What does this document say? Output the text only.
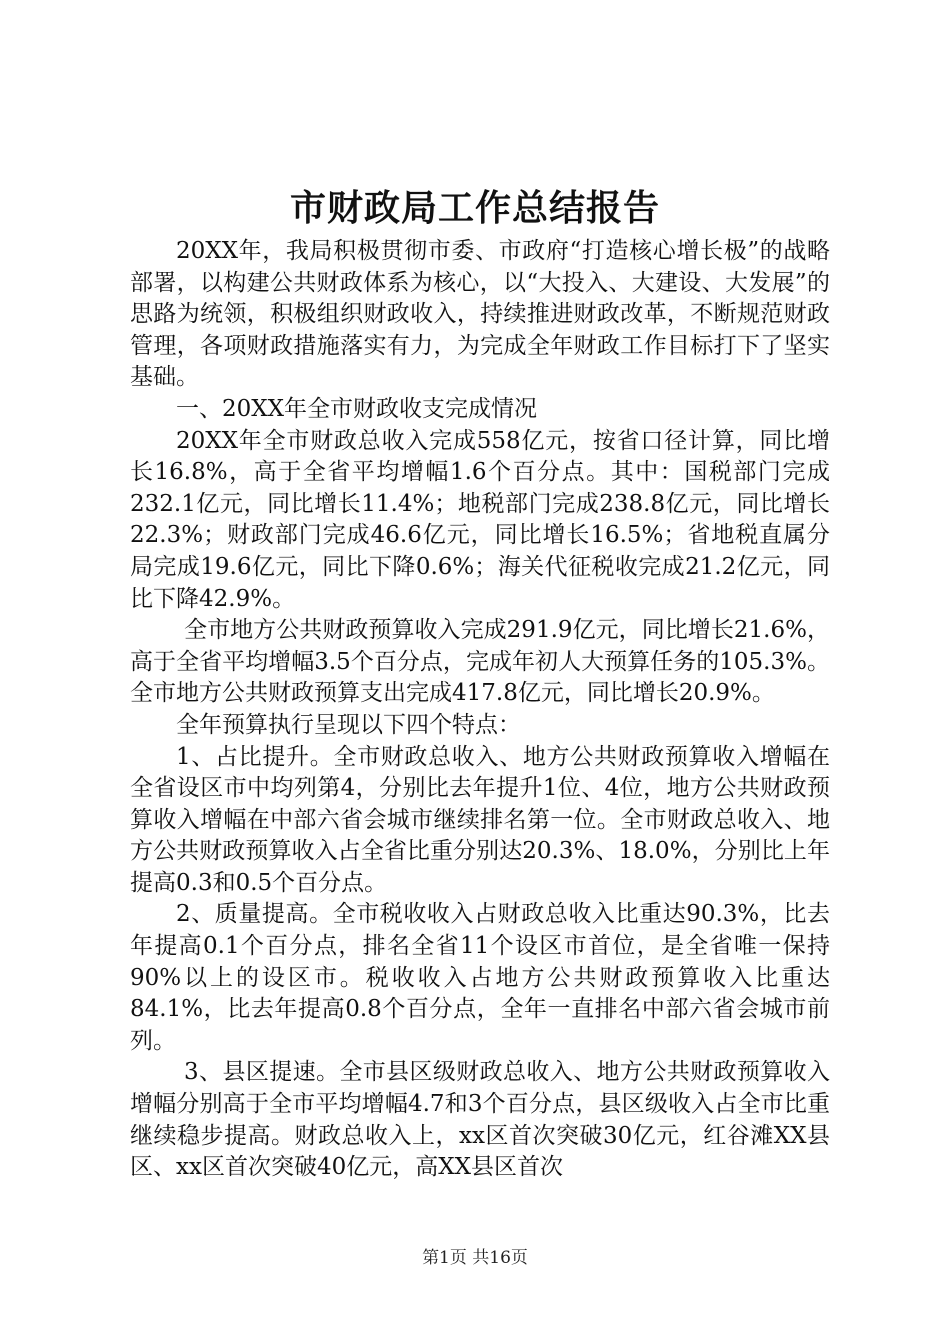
市财政局工作总结报告

20XX年，我局积极贯彻市委、市政府“打造核心增长极”的战略部署，以构建公共财政体系为核心，以“大投入、大建设、大发展”的思路为统领，积极组织财政收入，持续推进财政改革，不断规范财政管理，各项财政措施落实有力，为完成全年财政工作目标打下了坚实基础。

一、20XX年全市财政收支完成情况

20XX年全市财政总收入完成558亿元，按省口径计算，同比增长16.8%，高于全省平均增幅1.6个百分点。其中：国税部门完成232.1亿元，同比增长11.4%；地税部门完成238.8亿元，同比增长22.3%；财政部门完成46.6亿元，同比增长16.5%；省地税直属分局完成19.6亿元，同比下降0.6%；海关代征税收完成21.2亿元，同比下降42.9%。

全市地方公共财政预算收入完成291.9亿元，同比增长21.6%，高于全省平均增幅3.5个百分点，完成年初人大预算任务的105.3%。全市地方公共财政预算支出完成417.8亿元，同比增长20.9%。

全年预算执行呈现以下四个特点：

1、占比提升。全市财政总收入、地方公共财政预算收入增幅在全省设区市中均列第4，分别比去年提升1位、4位，地方公共财政预算收入增幅在中部六省会城市继续排名第一位。全市财政总收入、地方公共财政预算收入占全省比重分别达20.3%、18.0%，分别比上年提高0.3和0.5个百分点。

2、质量提高。全市税收收入占财政总收入比重达90.3%，比去年提高0.1个百分点，排名全省11个设区市首位，是全省唯一保持90%以上的设区市。税收收入占地方公共财政预算收入比重达84.1%，比去年提高0.8个百分点，全年一直排名中部六省会城市前列。

3、县区提速。全市县区级财政总收入、地方公共财政预算收入增幅分别高于全市平均增幅4.7和3个百分点，县区级收入占全市比重继续稳步提高。财政总收入上，xx区首次突破30亿元，红谷滩XX县区、xx区首次突破40亿元，高XX县区首次

第1页 共16页
